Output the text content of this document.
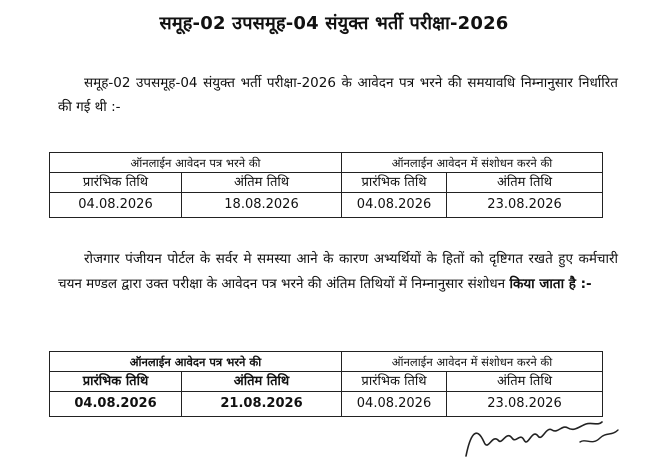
समूह-02 उपसमूह-04 संयुक्त भर्ती परीक्षा-2026
समूह-02 उपसमूह-04 संयुक्त भर्ती परीक्षा-2026 के आवेदन पत्र भरने की समयावधि निम्नानुसार निर्धारित की गई थी :-
ऑनलाईन आवेदन पत्र भरने की		ऑनलाईन आवेदन में संशोधन करने की	
प्रारंभिक तिथि	अंतिम तिथि	प्रारंभिक तिथि	अंतिम तिथि
04.08.2026	18.08.2026	04.08.2026	23.08.2026
रोजगार पंजीयन पोर्टल के सर्वर मे समस्या आने के कारण अभ्यर्थियों के हितों को दृष्टिगत रखते हुए कर्मचारी चयन मण्डल द्वारा उक्त परीक्षा के आवेदन पत्र भरने की अंतिम तिथियों में निम्नानुसार संशोधन किया जाता है :-
ऑनलाईन आवेदन पत्र भरने की		ऑनलाईन आवेदन में संशोधन करने की	
प्रारंभिक तिथि	अंतिम तिथि	प्रारंभिक तिथि	अंतिम तिथि
04.08.2026	21.08.2026	04.08.2026	23.08.2026
